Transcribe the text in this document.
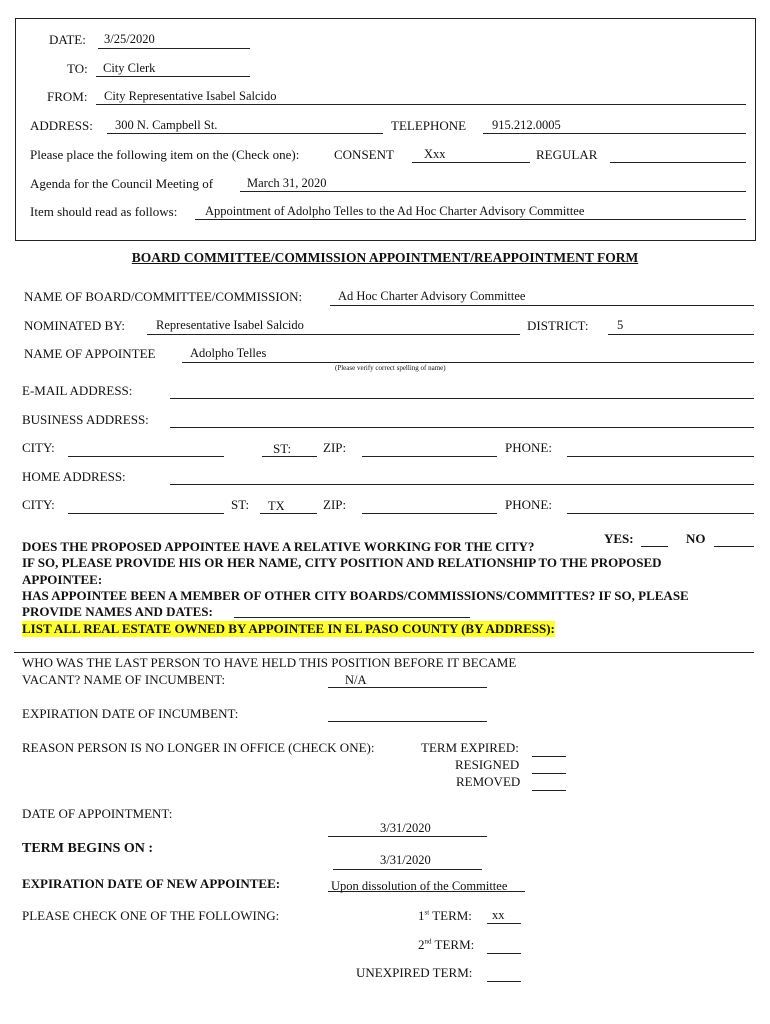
DATE: 3/25/2020
TO: City Clerk
FROM: City Representative Isabel Salcido
ADDRESS: 300 N. Campbell St.	TELEPHONE 915.212.0005
Please place the following item on the (Check one):	CONSENT Xxx	REGULAR
Agenda for the Council Meeting of	March 31, 2020
Item should read as follows: Appointment of Adolpho Telles to the Ad Hoc Charter Advisory Committee
BOARD COMMITTEE/COMMISSION APPOINTMENT/REAPPOINTMENT FORM
NAME OF BOARD/COMMITTEE/COMMISSION:	Ad Hoc Charter Advisory Committee
NOMINATED BY: Representative Isabel Salcido	DISTRICT: 5
NAME OF APPOINTEE	Adolpho Telles
(Please verify correct spelling of name)
E-MAIL ADDRESS:
BUSINESS ADDRESS:
CITY:	ST: ZIP:	PHONE:
HOME ADDRESS:
CITY:	ST: TX	ZIP:	PHONE:
YES:	NO
DOES THE PROPOSED APPOINTEE HAVE A RELATIVE WORKING FOR THE CITY?
IF SO, PLEASE PROVIDE HIS OR HER NAME, CITY POSITION AND RELATIONSHIP TO THE PROPOSED
APPOINTEE:
HAS APPOINTEE BEEN A MEMBER OF OTHER CITY BOARDS/COMMISSIONS/COMMITTES? IF SO, PLEASE
PROVIDE NAMES AND DATES:
LIST ALL REAL ESTATE OWNED BY APPOINTEE IN EL PASO COUNTY (BY ADDRESS):
WHO WAS THE LAST PERSON TO HAVE HELD THIS POSITION BEFORE IT BECAME
VACANT? NAME OF INCUMBENT:	N/A
EXPIRATION DATE OF INCUMBENT:
REASON PERSON IS NO LONGER IN OFFICE (CHECK ONE):	TERM EXPIRED:
RESIGNED
REMOVED
DATE OF APPOINTMENT:
3/31/2020
TERM BEGINS ON :
3/31/2020
EXPIRATION DATE OF NEW APPOINTEE:	Upon dissolution of the Committee
PLEASE CHECK ONE OF THE FOLLOWING:	1st TERM: xx
2nd TERM:
UNEXPIRED TERM:
